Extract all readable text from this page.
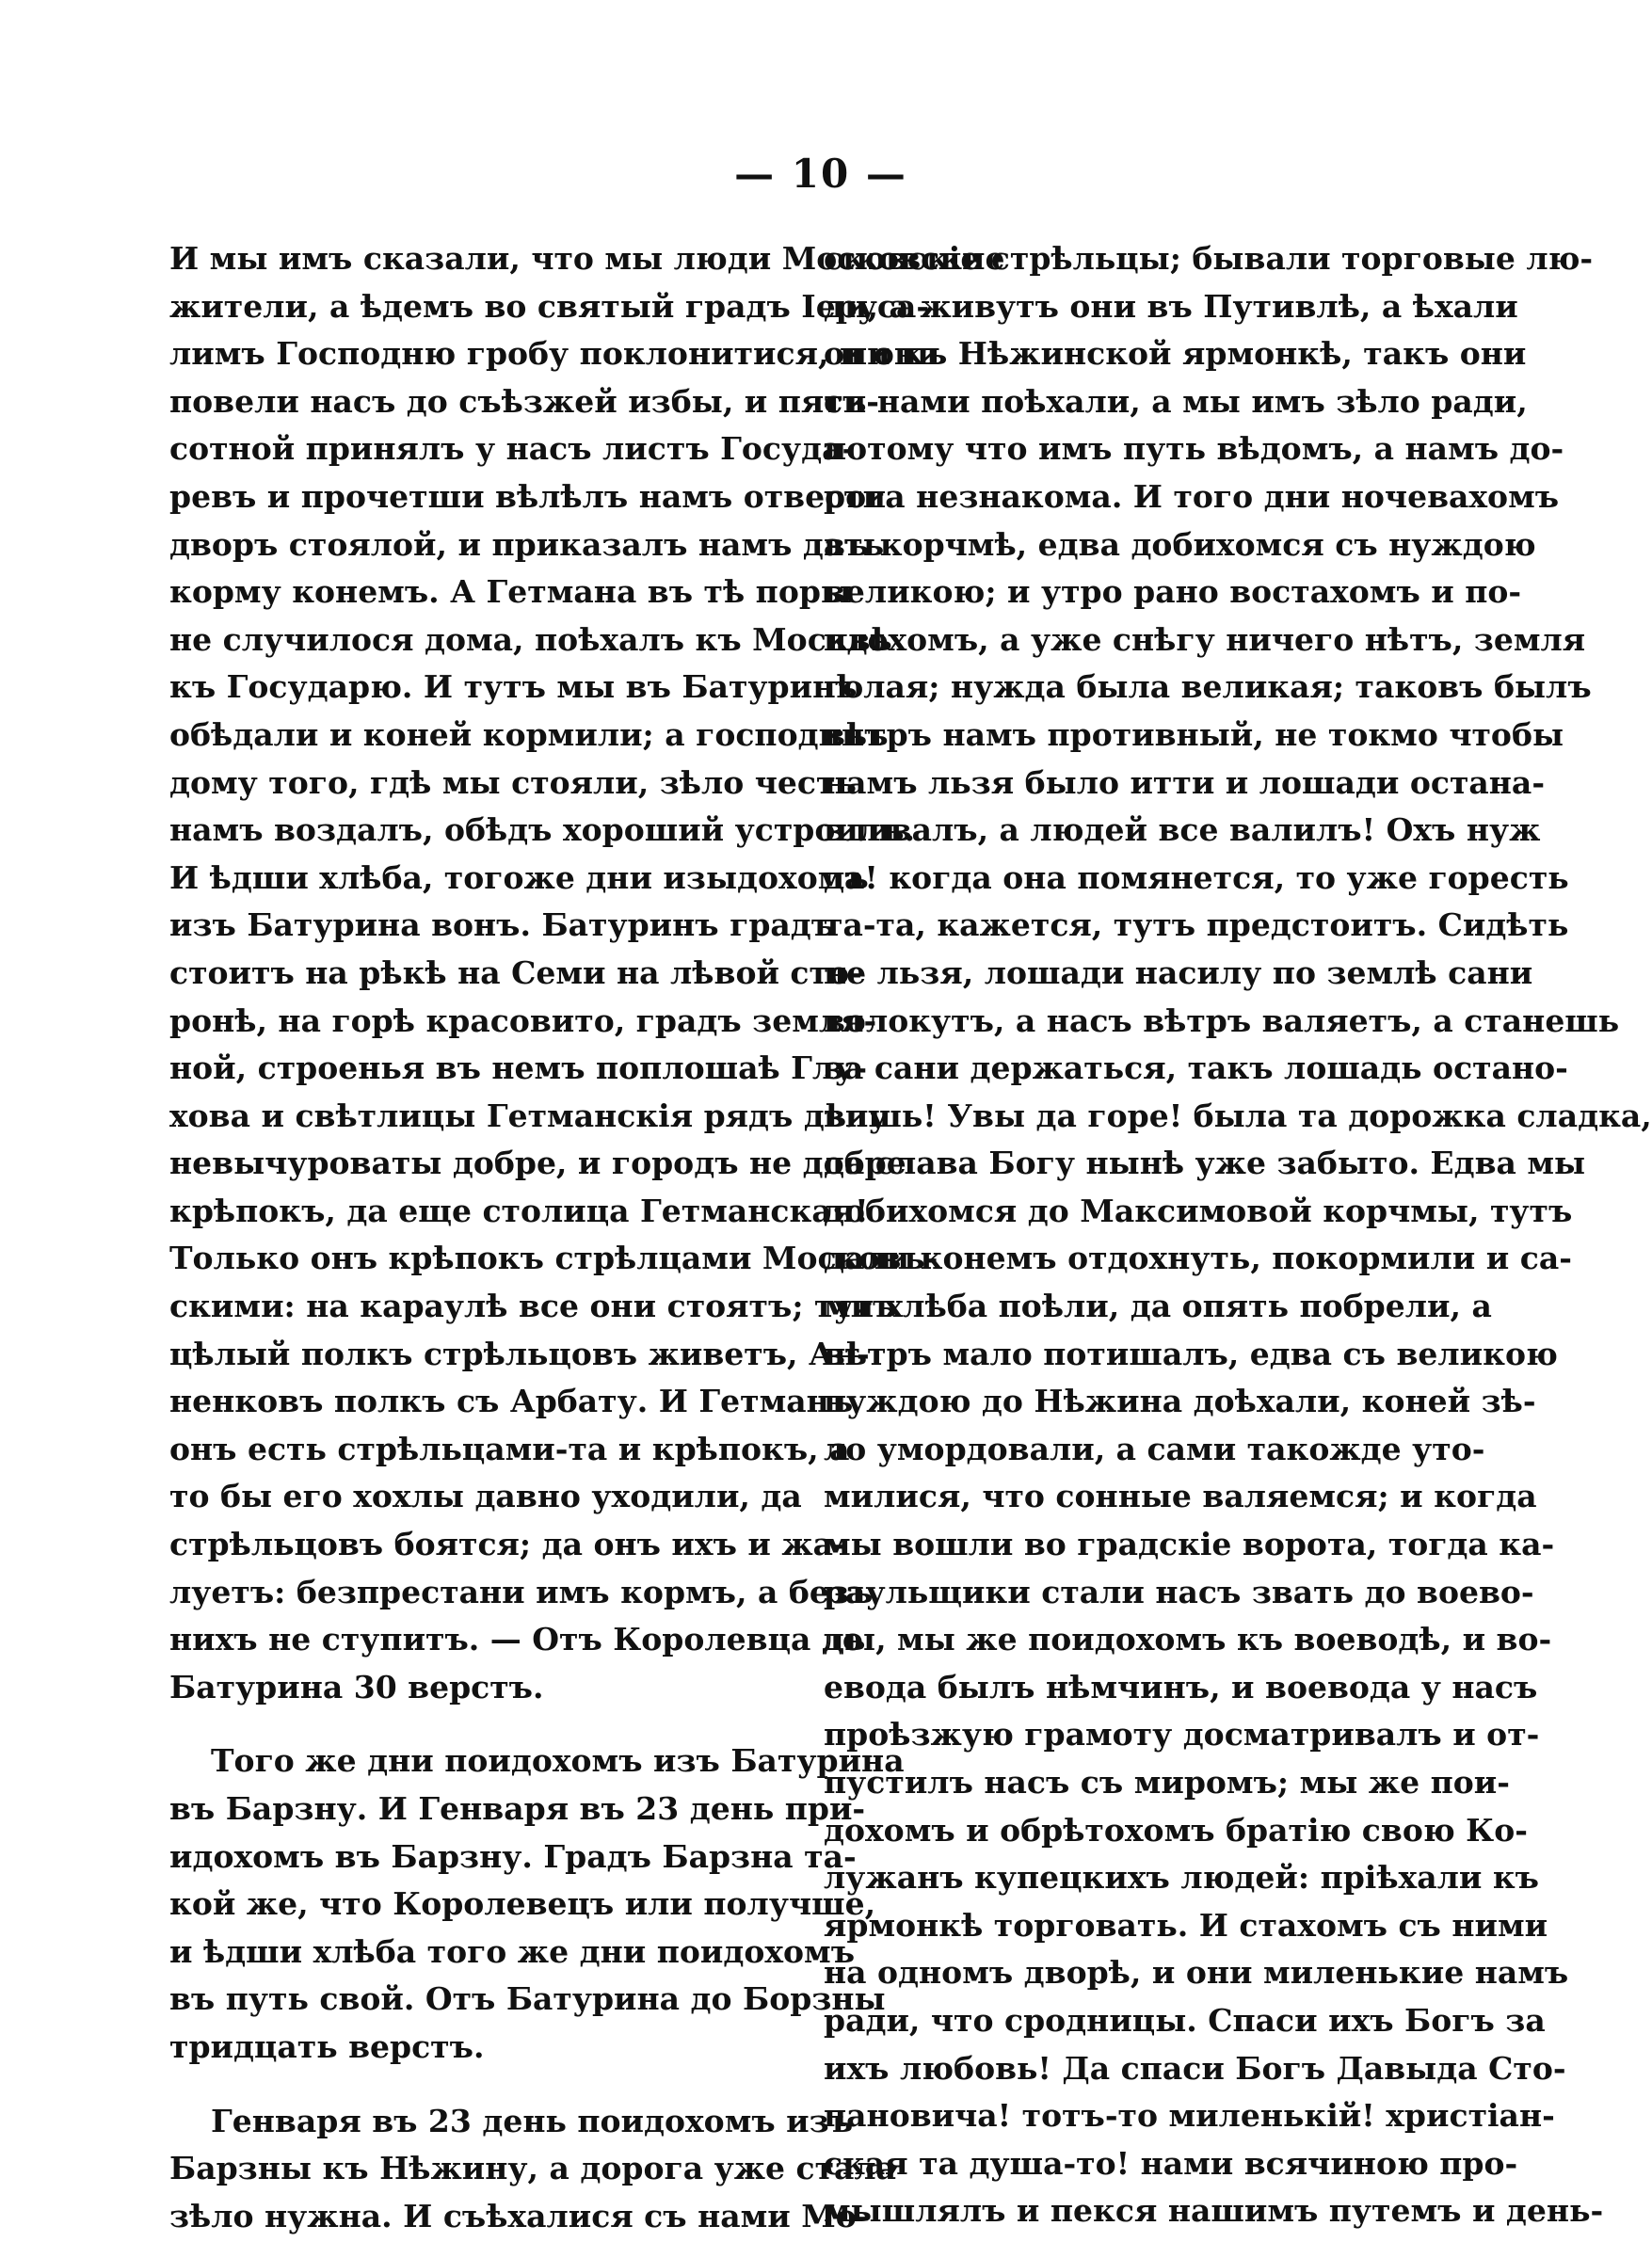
— 10 —
И мы имъ сказали, что мы люди Московские
жители, а ѣдемъ во святый градъ Іеруса-
лимъ Господню гробу поклонитися, и они
повели насъ до съѣзжей избы, и пяти-
сотной принялъ у насъ листъ Госуда-
ревъ и прочетши вѣлѣлъ намъ отвести
дворъ стоялой, и приказалъ намъ дать
корму конемъ. А Гетмана въ тѣ поры
не случилося дома, поѣхалъ къ Москвѣ
къ Государю. И тутъ мы въ Батуринѣ
обѣдали и коней кормили; а господинъ
дому того, гдѣ мы стояли, зѣло честь
намъ воздалъ, обѣдъ хороший устроилъ.
И ѣдши хлѣба, тогоже дни изыдохомъ
изъ Батурина вонъ. Батуринъ градъ
стоитъ на рѣкѣ на Семи на лѣвой сто-
ронѣ, на горѣ красовито, градъ земля-
ной, строенья въ немъ поплошаѣ Глу-
хова и свѣтлицы Гетманскія рядъ дѣлу
невычуроваты добре, и городъ не добре
крѣпокъ, да еще столица Гетманская!
Только онъ крѣпокъ стрѣлцами Московъ-
скими: на караулѣ все они стоятъ; тутъ
цѣлый полкъ стрѣльцовъ живетъ, Ан-
ненковъ полкъ съ Арбату. И Гетманъ
онъ есть стрѣльцами-та и крѣпокъ, а
то бы его хохлы давно уходили, да
стрѣльцовъ боятся; да онъ ихъ и жа-
луетъ: безпрестани имъ кормъ, а безъ
нихъ не ступитъ. — Отъ Королевца до
Батурина 30 верстъ.
Того же дни поидохомъ изъ Батурина
въ Барзну. И Генваря въ 23 день при-
идохомъ въ Барзну. Градъ Барзна та-
кой же, что Королевецъ или получше,
и ѣдши хлѣба того же дни поидохомъ
въ путь свой. Отъ Батурина до Борзны
тридцать верстъ.
Генваря въ 23 день поидохомъ изъ
Барзны къ Нѣжину, а дорога уже стала
зѣло нужна. И съѣхалися съ нами Мо-
сковскіе стрѣльцы; бывали торговые лю-
ди, а живутъ они въ Путивлѣ, а ѣхали
они къ Нѣжинской ярмонкѣ, такъ они
съ нами поѣхали, а мы имъ зѣло ради,
потому что имъ путь вѣдомъ, а намъ до-
рога незнакома. И того дни ночевахомъ
въ корчмѣ, едва добихомся съ нуждою
великою; и утро рано востахомъ и по-
идохомъ, а уже снѣгу ничего нѣтъ, земля
голая; нужда была великая; таковъ былъ
вѣтръ намъ противный, не токмо чтобы
намъ льзя было итти и лошади остана-
вливалъ, а людей все валилъ! Охъ нуж
да! когда она помянется, то уже горесть
та-та, кажется, тутъ предстоитъ. Сидѣть
не льзя, лошади насилу по землѣ сани
волокутъ, а насъ вѣтръ валяетъ, а станешь
за сани держаться, такъ лошадь остано-
вишь! Увы да горе! была та дорожка сладка,
да слава Богу нынѣ уже забыто. Едва мы
добихомся до Максимовой корчмы, тутъ
дали конемъ отдохнуть, покормили и са-
ми хлѣба поѣли, да опять побрели, а
вѣтръ мало потишалъ, едва съ великою
нуждою до Нѣжина доѣхали, коней зѣ-
ло умордовали, а сами такожде уто-
милися, что сонные валяемся; и когда
мы вошли во градскіе ворота, тогда ка-
раульщики стали насъ звать до воево-
ды, мы же поидохомъ къ воеводѣ, и во-
евода былъ нѣмчинъ, и воевода у насъ
проѣзжую грамоту досматривалъ и от-
пустилъ насъ съ миромъ; мы же пои-
дохомъ и обрѣтохомъ братію свою Ко-
лужанъ купецкихъ людей: пріѣхали къ
ярмонкѣ торговать. И стахомъ съ ними
на одномъ дворѣ, и они миленькие намъ
ради, что сродницы. Спаси ихъ Богъ за
ихъ любовь! Да спаси Богъ Давыда Сто-
пановича! тотъ-то миленькій! христіан-
ская та душа-то! нами всячиною про-
мышлялъ и пекся нашимъ путемъ и день-
